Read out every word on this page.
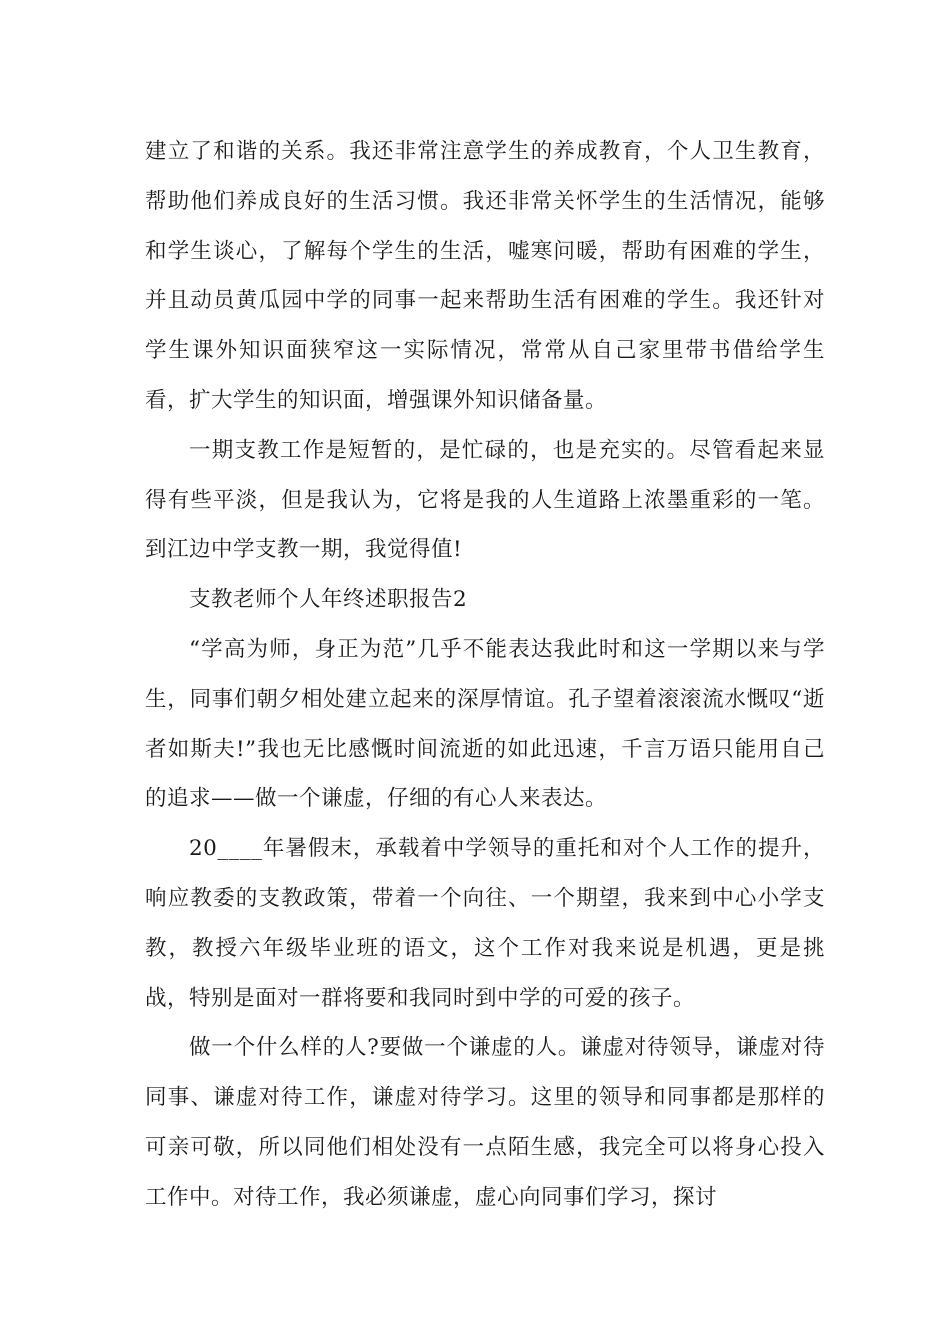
建立了和谐的关系。我还非常注意学生的养成教育，个人卫生教育，帮助他们养成良好的生活习惯。我还非常关怀学生的生活情况，能够和学生谈心，了解每个学生的生活，嘘寒问暖，帮助有困难的学生，并且动员黄瓜园中学的同事一起来帮助生活有困难的学生。我还针对学生课外知识面狭窄这一实际情况，常常从自己家里带书借给学生看，扩大学生的知识面，增强课外知识储备量。

一期支教工作是短暂的，是忙碌的，也是充实的。尽管看起来显得有些平淡，但是我认为，它将是我的人生道路上浓墨重彩的一笔。到江边中学支教一期，我觉得值!

支教老师个人年终述职报告2

“学高为师，身正为范”几乎不能表达我此时和这一学期以来与学生，同事们朝夕相处建立起来的深厚情谊。孔子望着滚滚流水慨叹“逝者如斯夫!”我也无比感慨时间流逝的如此迅速，千言万语只能用自己的追求——做一个谦虚，仔细的有心人来表达。

20____年暑假末，承载着中学领导的重托和对个人工作的提升，响应教委的支教政策，带着一个向往、一个期望，我来到中心小学支教，教授六年级毕业班的语文，这个工作对我来说是机遇，更是挑战，特别是面对一群将要和我同时到中学的可爱的孩子。

做一个什么样的人?要做一个谦虚的人。谦虚对待领导，谦虚对待同事、谦虚对待工作，谦虚对待学习。这里的领导和同事都是那样的可亲可敬，所以同他们相处没有一点陌生感，我完全可以将身心投入工作中。对待工作，我必须谦虚，虚心向同事们学习，探讨
